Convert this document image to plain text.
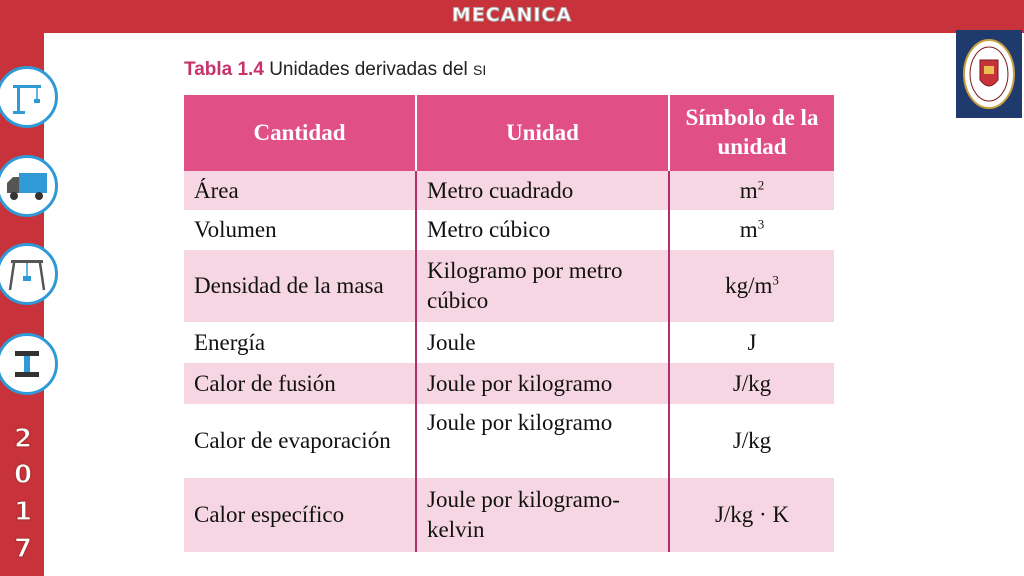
MECANICA
2
0
1
7
Tabla 1.4 Unidades derivadas del SI
Cantidad	Unidad	Símbolo de la unidad
Área	Metro cuadrado	$m^2$
Volumen	Metro cúbico	$m^3$
Densidad de la masa	Kilogramo por metro cúbico	$kg/m^3$
Energía	Joule	J
Calor de fusión	Joule por kilogramo	J/kg
Calor de evaporación	Joule por kilogramo	J/kg
Calor específico	Joule por kilogramo-kelvin	J/kg · K
